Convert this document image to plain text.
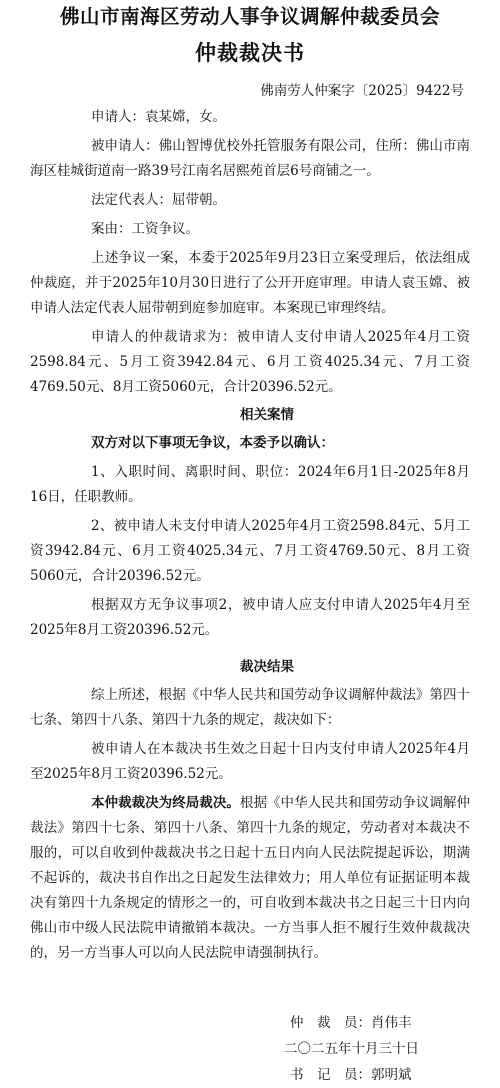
佛山市南海区劳动人事争议调解仲裁委员会
仲裁裁决书
佛南劳人仲案字〔2025〕9422号

申请人：袁某嫦，女。

被申请人：佛山智博优校外托管服务有限公司，住所：佛山市南海区桂城街道南一路39号江南名居熙苑首层6号商铺之一。

法定代表人：屈带朝。

案由：工资争议。

上述争议一案，本委于2025年9月23日立案受理后，依法组成仲裁庭，并于2025年10月30日进行了公开开庭审理。申请人袁玉嫦、被申请人法定代表人屈带朝到庭参加庭审。本案现已审理终结。

申请人的仲裁请求为：被申请人支付申请人2025年4月工资2598.84元、5月工资3942.84元、6月工资4025.34元、7月工资4769.50元、8月工资5060元，合计20396.52元。

相关案情

双方对以下事项无争议，本委予以确认：

1、入职时间、离职时间、职位：2024年6月1日-2025年8月16日，任职教师。

2、被申请人未支付申请人2025年4月工资2598.84元、5月工资3942.84元、6月工资4025.34元、7月工资4769.50元、8月工资5060元，合计20396.52元。

根据双方无争议事项2，被申请人应支付申请人2025年4月至2025年8月工资20396.52元。

裁决结果

综上所述，根据《中华人民共和国劳动争议调解仲裁法》第四十七条、第四十八条、第四十九条的规定，裁决如下：

被申请人在本裁决书生效之日起十日内支付申请人2025年4月至2025年8月工资20396.52元。

本仲裁裁决为终局裁决。根据《中华人民共和国劳动争议调解仲裁法》第四十七条、第四十八条、第四十九条的规定，劳动者对本裁决不服的，可以自收到仲裁裁决书之日起十五日内向人民法院提起诉讼，期满不起诉的，裁决书自作出之日起发生法律效力；用人单位有证据证明本裁决有第四十九条规定的情形之一的，可自收到本裁决书之日起三十日内向佛山市中级人民法院申请撤销本裁决。一方当事人拒不履行生效仲裁裁决的，另一方当事人可以向人民法院申请强制执行。

仲　裁　员：肖伟丰
二〇二五年十月三十日
书　记　员：郭明斌
